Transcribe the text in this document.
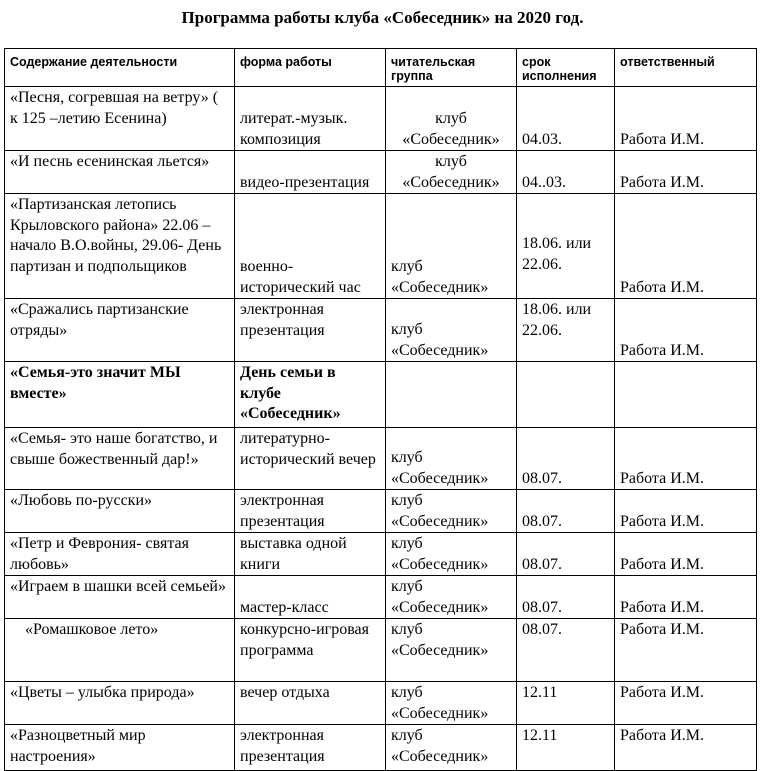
Программа работы клуба «Собеседник» на 2020 год.
Содержание деятельности	форма работы	читательская группа	срок исполнения	ответственный
«Песня, согревшая на ветру» ( к 125 –летию Есенина)	литерат.-музык. композиция	клуб «Собеседник»	04.03.	Работа И.М.
«И песнь есенинская льется»	видео-презентация	клуб «Собеседник»	04..03.	Работа И.М.
«Партизанская летопись Крыловского района» 22.06 –начало В.О.войны, 29.06- День партизан и подпольщиков	военно-исторический час	клуб «Собеседник»	18.06. или 22.06.	Работа И.М.
«Сражались партизанские отряды»	электронная презентация	клуб «Собеседник»	18.06. или 22.06.	Работа И.М.
«Семья-это значит МЫ вместе»	День семьи в клубе «Собеседник»			
«Семья- это наше богатство, и свыше божественный дар!»	литературно-исторический вечер	клуб «Собеседник»	08.07.	Работа И.М.
«Любовь по-русски»	электронная презентация	клуб «Собеседник»	08.07.	Работа И.М.
«Петр и Феврония- святая любовь»	выставка одной книги	клуб «Собеседник»	08.07.	Работа И.М.
«Играем в шашки всей семьей»	мастер-класс	клуб «Собеседник»	08.07.	Работа И.М.
«Ромашковое лето»	конкурсно-игровая программа	клуб «Собеседник»	08.07.	Работа И.М.
«Цветы – улыбка природа»	вечер отдыха	клуб «Собеседник»	12.11	Работа И.М.
«Разноцветный мир настроения»	электронная презентация	клуб «Собеседник»	12.11	Работа И.М.
